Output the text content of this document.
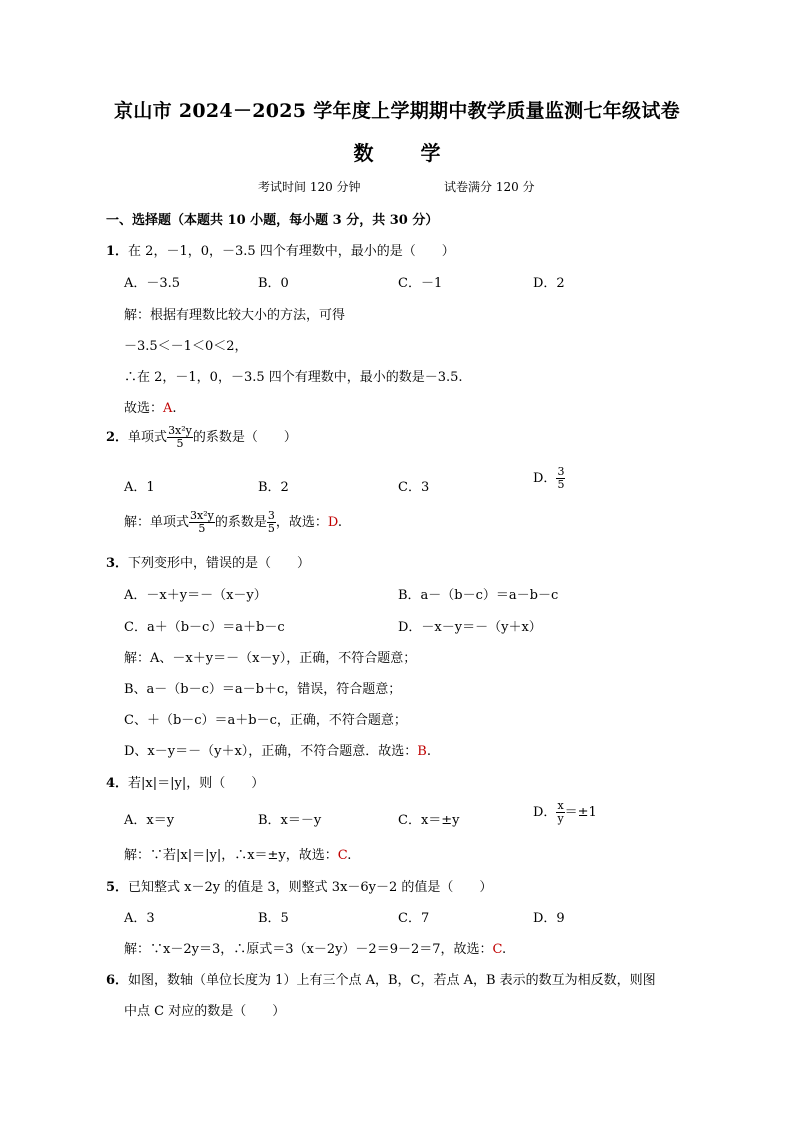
京山市 2024－2025 学年度上学期期中教学质量监测七年级试卷
数 学
考试时间 120 分钟	试卷满分 120 分
一、选择题（本题共 10 小题，每小题 3 分，共 30 分）
1．在 2，－1，0，－3.5 四个有理数中，最小的是（　　）
A．－3.5	B．0	C．－1	D．2
解：根据有理数比较大小的方法，可得
－3.5＜－1＜0＜2，
∴在 2，－1，0，－3.5 四个有理数中，最小的数是－3.5.
故选：A.
2．单项式 $\frac{\text{3x²y}}{5}$ 的系数是（　　）
A．1	B．2	C．3
D． $\frac{3}{5}$
解：单项式 $\frac{\text{3x²y}}{5}$ 的系数是 $\frac{3}{5}$ ，故选：D.
3．下列变形中，错误的是（　　）
A．－x＋y＝－（x－y）	B．a－（b－c）＝a－b－c
C．a＋（b－c）＝a＋b－c	D．－x－y＝－（y＋x）
解：A、－x＋y＝－（x－y），正确，不符合题意；
B、a－（b－c）＝a－b＋c，错误，符合题意；
C、＋（b－c）＝a＋b－c，正确，不符合题意；
D、x－y＝－（y＋x），正确，不符合题意．故选：B.
4．若|x|＝|y|，则（　　）
A．x＝y	B．x＝－y	C．x＝±y
D． $\frac{x}{y} =\pm 1$
解：∵若|x|＝|y|，∴x＝±y，故选：C.
5．已知整式 x－2y 的值是 3，则整式 3x－6y－2 的值是（　　）
A．3	B．5	C．7	D．9
解：∵x－2y＝3，∴原式＝3（x－2y）－2＝9－2＝7，故选：C.
6．如图，数轴（单位长度为 1）上有三个点 A，B，C，若点 A，B 表示的数互为相反数，则图
中点 C 对应的数是（　　）
